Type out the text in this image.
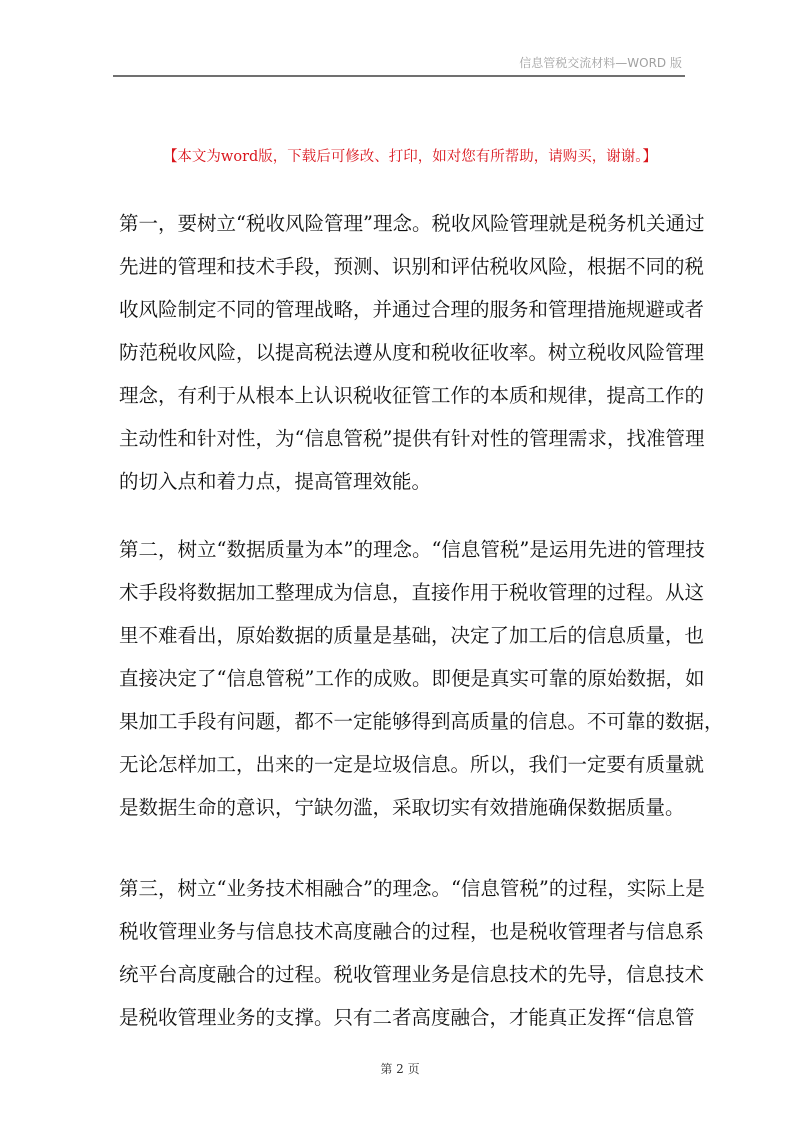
信息管税交流材料—WORD 版
【本文为word版，下载后可修改、打印，如对您有所帮助，请购买，谢谢。】
第一，要树立“税收风险管理”理念。税收风险管理就是税务机关通过
先进的管理和技术手段，预测、识别和评估税收风险，根据不同的税
收风险制定不同的管理战略，并通过合理的服务和管理措施规避或者
防范税收风险，以提高税法遵从度和税收征收率。树立税收风险管理
理念，有利于从根本上认识税收征管工作的本质和规律，提高工作的
主动性和针对性，为“信息管税”提供有针对性的管理需求，找准管理
的切入点和着力点，提高管理效能。
第二，树立“数据质量为本”的理念。“信息管税”是运用先进的管理技
术手段将数据加工整理成为信息，直接作用于税收管理的过程。从这
里不难看出，原始数据的质量是基础，决定了加工后的信息质量，也
直接决定了“信息管税”工作的成败。即便是真实可靠的原始数据，如
果加工手段有问题，都不一定能够得到高质量的信息。不可靠的数据，
无论怎样加工，出来的一定是垃圾信息。所以，我们一定要有质量就
是数据生命的意识，宁缺勿滥，采取切实有效措施确保数据质量。
第三，树立“业务技术相融合”的理念。“信息管税”的过程，实际上是
税收管理业务与信息技术高度融合的过程，也是税收管理者与信息系
统平台高度融合的过程。税收管理业务是信息技术的先导，信息技术
是税收管理业务的支撑。只有二者高度融合，才能真正发挥“信息管
第 2 页
